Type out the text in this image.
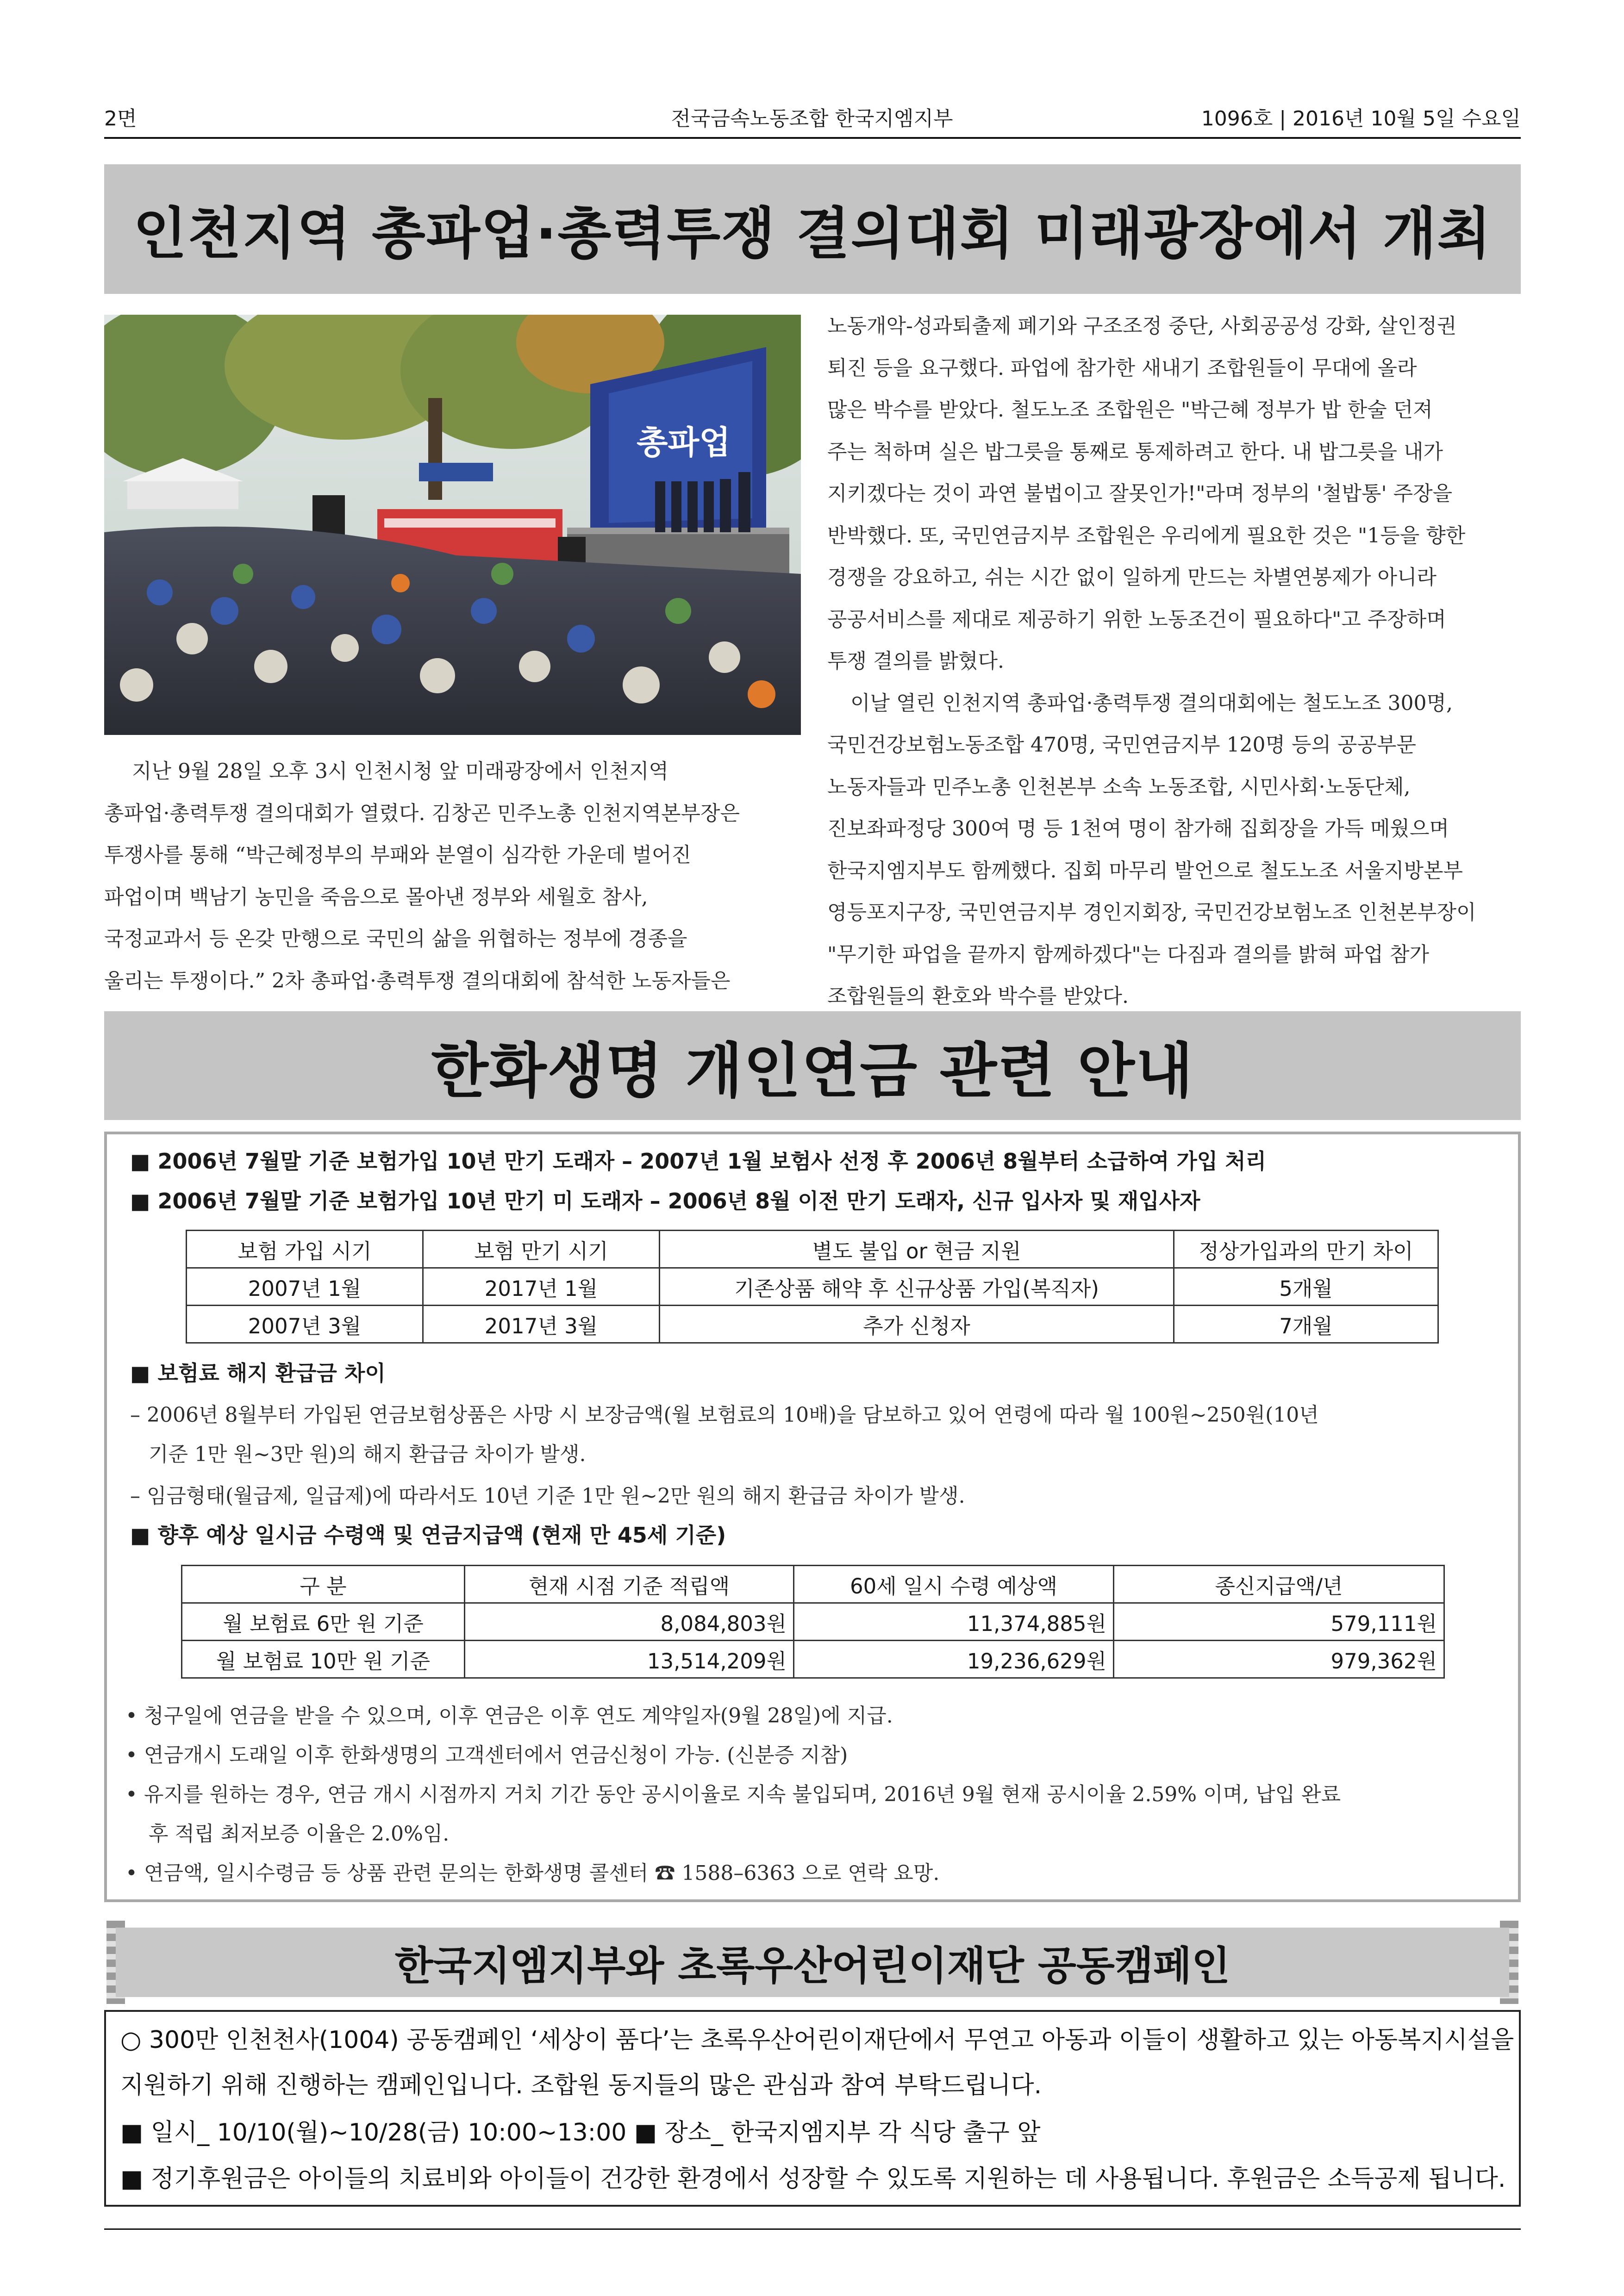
2면	전국금속노동조합 한국지엠지부	1096호 | 2016년 10월 5일 수요일
인천지역 총파업·총력투쟁 결의대회 미래광장에서 개최
총파업

지난 9월 28일 오후 3시 인천시청 앞 미래광장에서 인천지역

총파업·총력투쟁 결의대회가 열렸다. 김창곤 민주노총 인천지역본부장은

투쟁사를 통해 “박근혜정부의 부패와 분열이 심각한 가운데 벌어진

파업이며 백남기 농민을 죽음으로 몰아낸 정부와 세월호 참사,

국정교과서 등 온갖 만행으로 국민의 삶을 위협하는 정부에 경종을

울리는 투쟁이다.” 2차 총파업·총력투쟁 결의대회에 참석한 노동자들은

노동개악-성과퇴출제 폐기와 구조조정 중단, 사회공공성 강화, 살인정권

퇴진 등을 요구했다. 파업에 참가한 새내기 조합원들이 무대에 올라

많은 박수를 받았다. 철도노조 조합원은 "박근혜 정부가 밥 한술 던져

주는 척하며 실은 밥그릇을 통째로 통제하려고 한다. 내 밥그릇을 내가

지키겠다는 것이 과연 불법이고 잘못인가!"라며 정부의 '철밥통' 주장을

반박했다. 또, 국민연금지부 조합원은 우리에게 필요한 것은 "1등을 향한

경쟁을 강요하고, 쉬는 시간 없이 일하게 만드는 차별연봉제가 아니라

공공서비스를 제대로 제공하기 위한 노동조건이 필요하다"고 주장하며

투쟁 결의를 밝혔다.

이날 열린 인천지역 총파업·총력투쟁 결의대회에는 철도노조 300명,

국민건강보험노동조합 470명, 국민연금지부 120명 등의 공공부문

노동자들과 민주노총 인천본부 소속 노동조합, 시민사회·노동단체,

진보좌파정당 300여 명 등 1천여 명이 참가해 집회장을 가득 메웠으며

한국지엠지부도 함께했다. 집회 마무리 발언으로 철도노조 서울지방본부

영등포지구장, 국민연금지부 경인지회장, 국민건강보험노조 인천본부장이

"무기한 파업을 끝까지 함께하겠다"는 다짐과 결의를 밝혀 파업 참가

조합원들의 환호와 박수를 받았다.

한화생명 개인연금 관련 안내
■ 2006년 7월말 기준 보험가입 10년 만기 도래자 – 2007년 1월 보험사 선정 후 2006년 8월부터 소급하여 가입 처리
■ 2006년 7월말 기준 보험가입 10년 만기 미 도래자 – 2006년 8월 이전 만기 도래자, 신규 입사자 및 재입사자
보험 가입 시기	보험 만기 시기	별도 불입 or 현금 지원	정상가입과의 만기 차이
2007년 1월	2017년 1월	기존상품 해약 후 신규상품 가입(복직자)	5개월
2007년 3월	2017년 3월	추가 신청자	7개월
■ 보험료 해지 환급금 차이
– 2006년 8월부터 가입된 연금보험상품은 사망 시 보장금액(월 보험료의 10배)을 담보하고 있어 연령에 따라 월 100원~250원(10년
기준 1만 원~3만 원)의 해지 환급금 차이가 발생.
– 임금형태(월급제, 일급제)에 따라서도 10년 기준 1만 원~2만 원의 해지 환급금 차이가 발생.
■ 향후 예상 일시금 수령액 및 연금지급액 (현재 만 45세 기준)
구 분	현재 시점 기준 적립액	60세 일시 수령 예상액	종신지급액/년
월 보험료 6만 원 기준	8,084,803원	11,374,885원	579,111원
월 보험료 10만 원 기준	13,514,209원	19,236,629원	979,362원
• 청구일에 연금을 받을 수 있으며, 이후 연금은 이후 연도 계약일자(9월 28일)에 지급.
• 연금개시 도래일 이후 한화생명의 고객센터에서 연금신청이 가능. (신분증 지참)
• 유지를 원하는 경우, 연금 개시 시점까지 거치 기간 동안 공시이율로 지속 불입되며, 2016년 9월 현재 공시이율 2.59% 이며, 납입 완료
후 적립 최저보증 이율은 2.0%임.
• 연금액, 일시수령금 등 상품 관련 문의는 한화생명 콜센터 ☎ 1588–6363 으로 연락 요망.
한국지엠지부와 초록우산어린이재단 공동캠페인
○ 300만 인천천사(1004) 공동캠페인 ‘세상이 품다’는 초록우산어린이재단에서 무연고 아동과 이들이 생활하고 있는 아동복지시설을
지원하기 위해 진행하는 캠페인입니다. 조합원 동지들의 많은 관심과 참여 부탁드립니다.
■ 일시_ 10/10(월)~10/28(금) 10:00~13:00 ■ 장소_ 한국지엠지부 각 식당 출구 앞
■ 정기후원금은 아이들의 치료비와 아이들이 건강한 환경에서 성장할 수 있도록 지원하는 데 사용됩니다. 후원금은 소득공제 됩니다.
